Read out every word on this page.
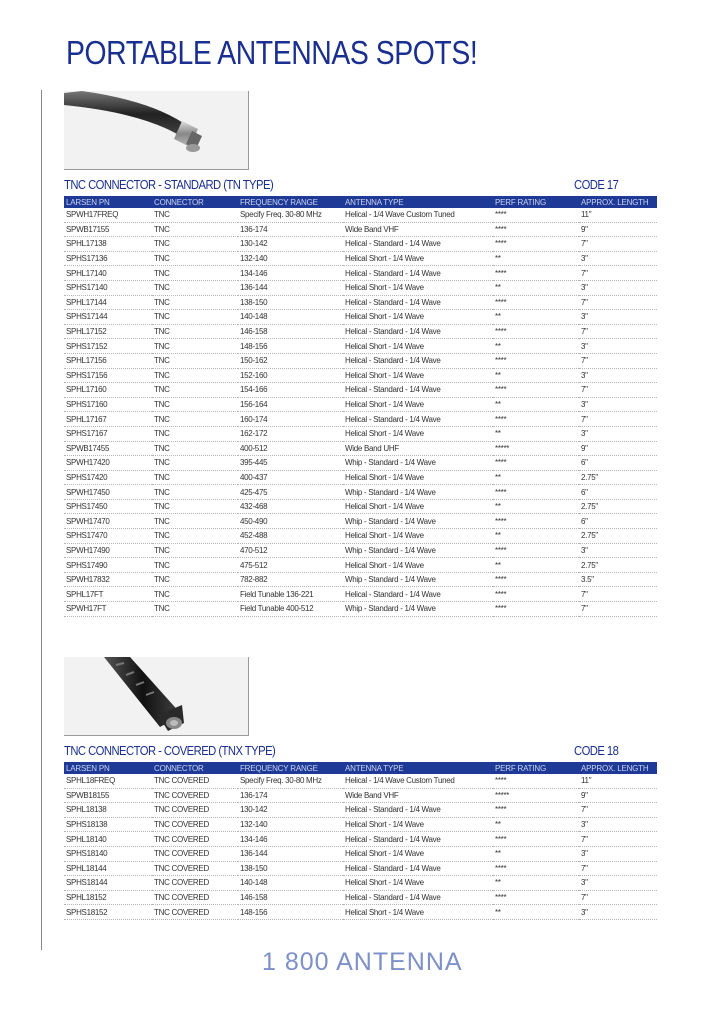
PORTABLE ANTENNAS SPOTS!
TNC CONNECTOR - STANDARD (TN TYPE)	CODE 17
LARSEN PN	CONNECTOR	FREQUENCY RANGE	ANTENNA TYPE	PERF RATING	APPROX. LENGTH
SPWH17FREQ	TNC	Specify Freq. 30-80 MHz	Helical - 1/4 Wave Custom Tuned	****	11"
SPWB17155	TNC	136-174	Wide Band VHF	****	9"
SPHL17138	TNC	130-142	Helical - Standard - 1/4 Wave	****	7"
SPHS17136	TNC	132-140	Helical Short - 1/4 Wave	**	3"
SPHL17140	TNC	134-146	Helical - Standard - 1/4 Wave	****	7"
SPHS17140	TNC	136-144	Helical Short - 1/4 Wave	**	3"
SPHL17144	TNC	138-150	Helical - Standard - 1/4 Wave	****	7"
SPHS17144	TNC	140-148	Helical Short - 1/4 Wave	**	3"
SPHL17152	TNC	146-158	Helical - Standard - 1/4 Wave	****	7"
SPHS17152	TNC	148-156	Helical Short - 1/4 Wave	**	3"
SPHL17156	TNC	150-162	Helical - Standard - 1/4 Wave	****	7"
SPHS17156	TNC	152-160	Helical Short - 1/4 Wave	**	3"
SPHL17160	TNC	154-166	Helical - Standard - 1/4 Wave	****	7"
SPHS17160	TNC	156-164	Helical Short - 1/4 Wave	**	3"
SPHL17167	TNC	160-174	Helical - Standard - 1/4 Wave	****	7"
SPHS17167	TNC	162-172	Helical Short - 1/4 Wave	**	3"
SPWB17455	TNC	400-512	Wide Band UHF	*****	9"
SPWH17420	TNC	395-445	Whip - Standard - 1/4 Wave	****	6"
SPHS17420	TNC	400-437	Helical Short - 1/4 Wave	**	2.75"
SPWH17450	TNC	425-475	Whip - Standard - 1/4 Wave	****	6"
SPHS17450	TNC	432-468	Helical Short - 1/4 Wave	**	2.75"
SPWH17470	TNC	450-490	Whip - Standard - 1/4 Wave	****	6"
SPHS17470	TNC	452-488	Helical Short - 1/4 Wave	**	2.75"
SPWH17490	TNC	470-512	Whip - Standard - 1/4 Wave	****	3"
SPHS17490	TNC	475-512	Helical Short - 1/4 Wave	**	2.75"
SPWH17832	TNC	782-882	Whip - Standard - 1/4 Wave	****	3.5"
SPHL17FT	TNC	Field Tunable 136-221	Helical - Standard - 1/4 Wave	****	7"
SPWH17FT	TNC	Field Tunable 400-512	Whip - Standard - 1/4 Wave	****	7"
TNC CONNECTOR - COVERED (TNX TYPE)	CODE 18
LARSEN PN	CONNECTOR	FREQUENCY RANGE	ANTENNA TYPE	PERF RATING	APPROX. LENGTH
SPHL18FREQ	TNC COVERED	Specify Freq. 30-80 MHz	Helical - 1/4 Wave Custom Tuned	****	11"
SPWB18155	TNC COVERED	136-174	Wide Band VHF	*****	9"
SPHL18138	TNC COVERED	130-142	Helical - Standard - 1/4 Wave	****	7"
SPHS18138	TNC COVERED	132-140	Helical Short - 1/4 Wave	**	3"
SPHL18140	TNC COVERED	134-146	Helical - Standard - 1/4 Wave	****	7"
SPHS18140	TNC COVERED	136-144	Helical Short - 1/4 Wave	**	3"
SPHL18144	TNC COVERED	138-150	Helical - Standard - 1/4 Wave	****	7"
SPHS18144	TNC COVERED	140-148	Helical Short - 1/4 Wave	**	3"
SPHL18152	TNC COVERED	146-158	Helical - Standard - 1/4 Wave	****	7"
SPHS18152	TNC COVERED	148-156	Helical Short - 1/4 Wave	**	3"
1 800 ANTENNA
